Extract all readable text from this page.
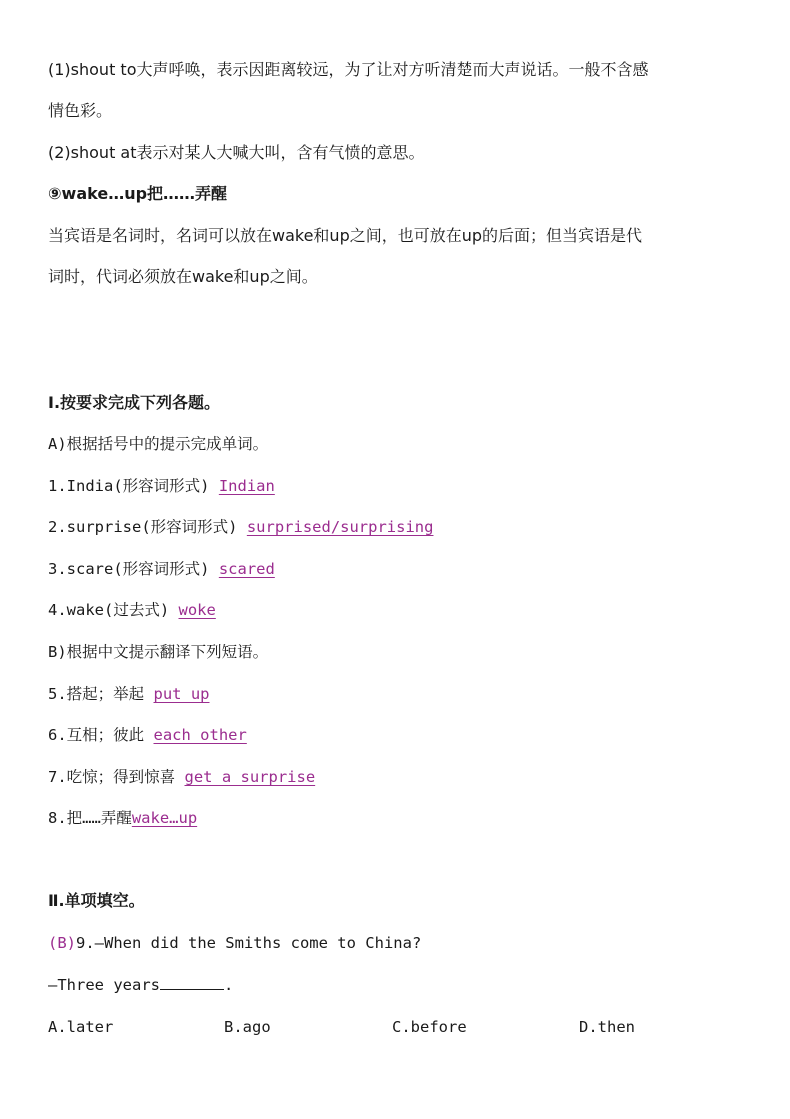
(1)shout to大声呼唤，表示因距离较远，为了让对方听清楚而大声说话。一般不含感
情色彩。
(2)shout at表示对某人大喊大叫，含有气愤的意思。
⑨wake…up把……弄醒
当宾语是名词时，名词可以放在wake和up之间，也可放在up的后面；但当宾语是代
词时，代词必须放在wake和up之间。
Ⅰ.按要求完成下列各题。
A)根据括号中的提示完成单词。
1.India(形容词形式) Indian
2.surprise(形容词形式) surprised/surprising
3.scare(形容词形式) scared
4.wake(过去式) woke
B)根据中文提示翻译下列短语。
5.搭起；举起 put up
6.互相；彼此 each other
7.吃惊；得到惊喜 get a surprise
8.把……弄醒wake…up
Ⅱ.单项填空。
(B)9.—When did the Smiths come to China?
—Three years	.
A.later	B.ago	C.before	D.then
